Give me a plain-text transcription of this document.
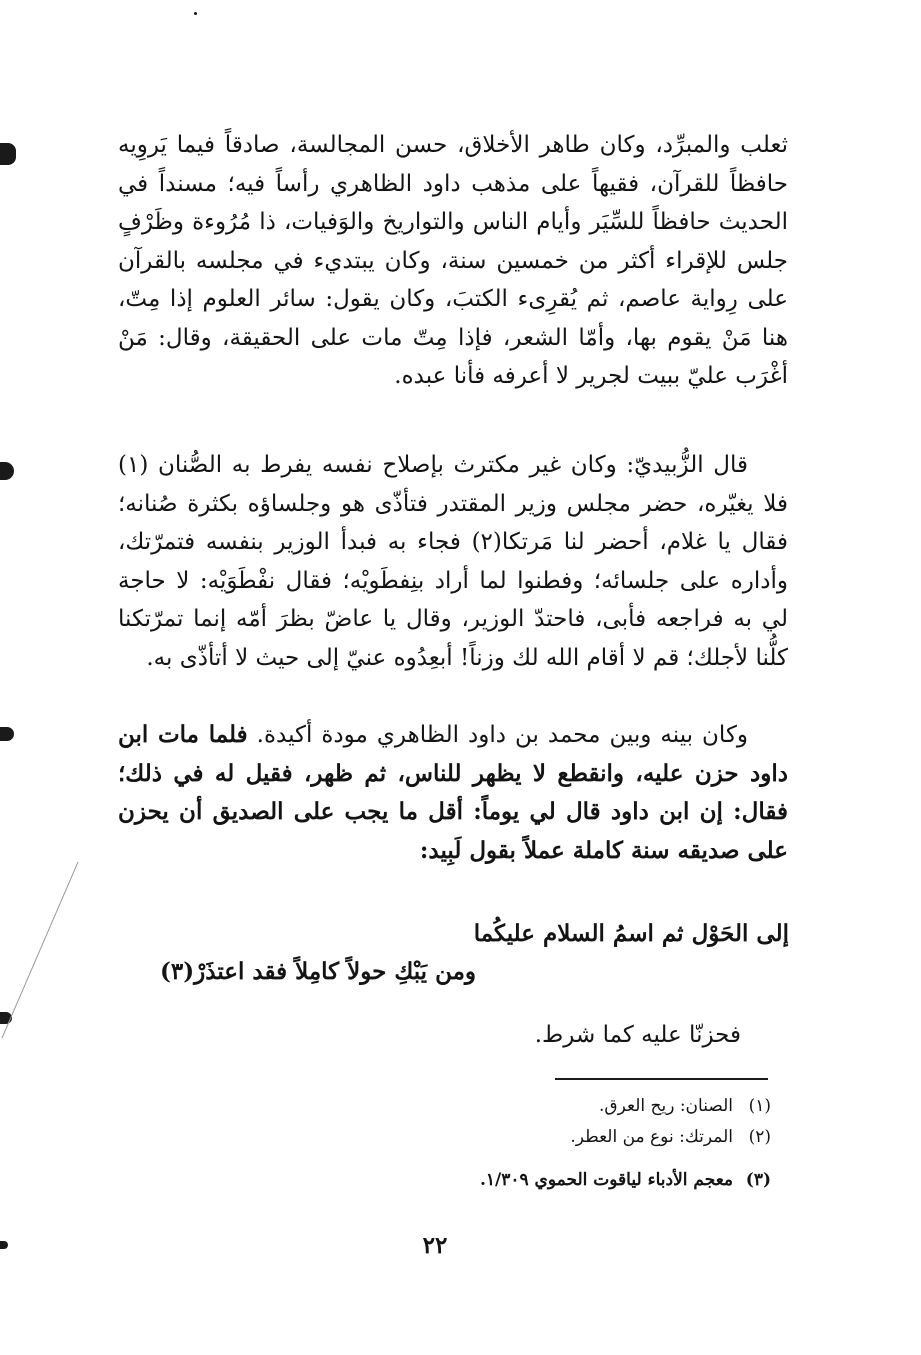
ثعلب والمبرِّد، وكان طاهر الأخلاق، حسن المجالسة، صادقاً فيما يَروِيه حافظاً للقرآن، فقيهاً على مذهب داود الظاهري رأساً فيه؛ مسنداً في الحديث حافظاً للسِّيَر وأيام الناس والتواريخ والوَفيات، ذا مُرُوءة وظَرْفٍ جلس للإقراء أكثر من خمسين سنة، وكان يبتديء في مجلسه بالقرآن على رِواية عاصم، ثم يُقرِىء الكتبَ، وكان يقول: سائر العلوم إذا مِتّ، هنا مَنْ يقوم بها، وأمّا الشعر، فإذا مِتّ مات على الحقيقة، وقال: مَنْ أغْرَب عليّ ببيت لجرير لا أعرفه فأنا عبده.
قال الزُّبيديّ: وكان غير مكترث بإصلاح نفسه يفرط به الصُّنان (١) فلا يغيّره، حضر مجلس وزير المقتدر فتأذّى هو وجلساؤه بكثرة صُنانه؛ فقال يا غلام، أحضر لنا مَرتكا(٢) فجاء به فبدأ الوزير بنفسه فتمرّتك، وأداره على جلسائه؛ وفطنوا لما أراد بنِفطَويْه؛ فقال نفْطَوَيْه: لا حاجة لي به فراجعه فأبى، فاحتدّ الوزير، وقال يا عاضّ بظرَ أمّه إنما تمرّتكنا كلُّنا لأجلك؛ قم لا أقام الله لك وزناً! أبعِدُوه عنيّ إلى حيث لا أتأذّى به.
وكان بينه وبين محمد بن داود الظاهري مودة أكيدة. فلما مات ابن داود حزن عليه، وانقطع لا يظهر للناس، ثم ظهر، فقيل له في ذلك؛ فقال: إن ابن داود قال لي يوماً: أقل ما يجب على الصديق أن يحزن على صديقه سنة كاملة عملاً بقول لَبِيد:
إلى الحَوْل ثم اسمُ السلام عليكُما
ومن يَبْكِ حولاً كامِلاً فقد اعتذَرْ(٣)
فحزنّا عليه كما شرط.
(١)الصنان: ريح العرق.
(٢)المرتك: نوع من العطر.
(٣)معجم الأدباء لياقوت الحموي ١/٣٠٩.
٢٢
